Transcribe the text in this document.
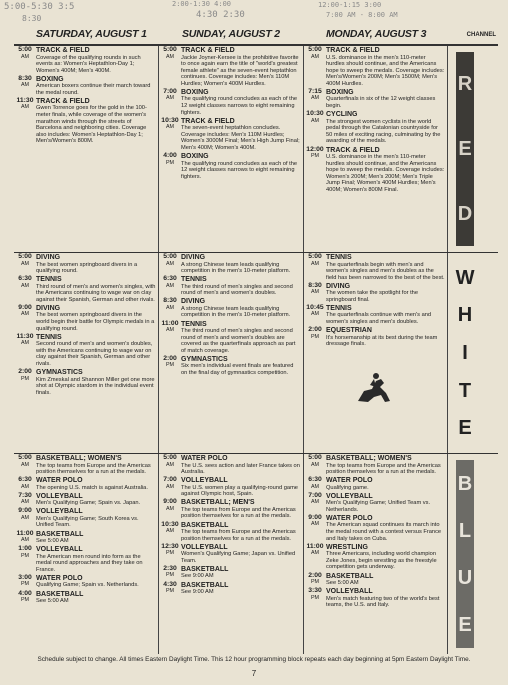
5:00-5:30 3:5
8:30
2:00-1:30 4:00
4:30 2:30
12:00-1:15 3:00
7:00 AM - 8:00 AM
SATURDAY, AUGUST 1	SUNDAY, AUGUST 2	MONDAY, AUGUST 3	CHANNEL
5:00
AM
TRACK & FIELD
Coverage of the qualifying rounds in such events as: Women's Heptathlon-Day 1; Women's 400M; Men's 400M.
8:30
AM
BOXING
American boxers continue their march toward the medal round.
11:30
AM
TRACK & FIELD
Gwen Torrence goes for the gold in the 100-meter finals, while coverage of the women's marathon winds through the streets of Barcelona and neighboring cities. Coverage also includes: Women's Heptathlon-Day 1; Men's/Women's 800M.
5:00
AM
TRACK & FIELD
Jackie Joyner-Kersee is the prohibitive favorite to once again earn the title of "world's greatest female athlete" as the seven-event heptathlon continues. Coverage includes: Men's 110M Hurdles; Women's 400M Hurdles.
7:00
AM
BOXING
The qualifying round concludes as each of the 12 weight classes narrows to eight remaining fighters.
10:30
AM
TRACK & FIELD
The seven-event heptathlon concludes. Coverage includes: Men's 110M Hurdles; Women's 3000M Final; Men's High Jump Final; Men's 400M; Women's 400M.
4:00
PM
BOXING
The qualifying round concludes as each of the 12 weight classes narrows to eight remaining fighters.
5:00
AM
TRACK & FIELD
U.S. dominance in the men's 110-meter hurdles should continue, and the Americans hope to sweep the medals. Coverage includes: Men's/Women's 200M; Men's 1500M; Men's 400M Hurdles.
7:15
AM
BOXING
Quarterfinals in six of the 12 weight classes begin.
10:30
AM
CYCLING
The strongest women cyclists in the world pedal through the Catalonian countryside for 50 miles of exciting racing, culminating by the awarding of the medals.
12:00
PM
TRACK & FIELD
U.S. dominance in the men's 110-meter hurdles should continue, and the Americans hope to sweep the medals. Coverage includes: Women's 200M; Men's 200M; Men's Triple Jump Final; Women's 400M Hurdles; Men's 400M; Women's 800M Final.
R
E
D
5:00
AM
DIVING
The best women springboard divers in a qualifying round.
6:30
AM
TENNIS
Third round of men's and women's singles, with the Americans continuing to wage war on clay against their Spanish, German and other rivals.
9:00
AM
DIVING
The best women springboard divers in the world begin their battle for Olympic medals in a qualifying round.
11:30
AM
TENNIS
Second round of men's and women's doubles, with the Americans continuing to wage war on clay against their Spanish, German and other rivals.
2:00
PM
GYMNASTICS
Kim Zmeskal and Shannon Miller get one more shot at Olympic stardom in the individual event finals.
5:00
AM
DIVING
A strong Chinese team leads qualifying competition in the men's 10-meter platform.
6:30
AM
TENNIS
The third round of men's singles and second round of men's and women's doubles.
8:30
AM
DIVING
A strong Chinese team leads qualifying competition in the men's 10-meter platform.
11:00
AM
TENNIS
The third round of men's singles and second round of men's and women's doubles are covered as the quarterfinals approach as part of match coverage.
2:00
PM
GYMNASTICS
Six men's individual event finals are featured on the final day of gymnastics competition.
5:00
AM
TENNIS
The quarterfinals begin with men's and women's singles and men's doubles as the field has been narrowed to the best of the best.
8:30
AM
DIVING
The women take the spotlight for the springboard final.
10:45
AM
TENNIS
The quarterfinals continue with men's and women's singles and men's doubles.
2:00
PM
EQUESTRIAN
It's horsemanship at its best during the team dressage finals.
W
H
I
T
E
5:00
AM
BASKETBALL; WOMEN'S
The top teams from Europe and the Americas position themselves for a run at the medals.
6:30
AM
WATER POLO
The opening U.S. match is against Australia.
7:30
AM
VOLLEYBALL
Men's Qualifying Game; Spain vs. Japan.
9:00
AM
VOLLEYBALL
Men's Qualifying Game; South Korea vs. Unified Team.
11:00
AM
BASKETBALL
See 5:00 AM
1:00
PM
VOLLEYBALL
The American men round into form as the medal round approaches and they take on France.
3:00
PM
WATER POLO
Qualifying Game; Spain vs. Netherlands.
4:00
PM
BASKETBALL
See 5:00 AM
5:00
AM
WATER POLO
The U.S. sees action and later France takes on Australia.
7:00
AM
VOLLEYBALL
The U.S. women play a qualifying-round game against Olympic host, Spain.
9:00
AM
BASKETBALL; MEN'S
The top teams from Europe and the Americas position themselves for a run at the medals.
10:30
AM
BASKETBALL
The top teams from Europe and the Americas position themselves for a run at the medals.
12:30
PM
VOLLEYBALL
Women's Qualifying Game; Japan vs. Unified Team.
2:30
PM
BASKETBALL
See 9:00 AM
4:30
PM
BASKETBALL
See 9:00 AM
5:00
AM
BASKETBALL; WOMEN'S
The top teams from Europe and the Americas position themselves for a run at the medals.
6:30
AM
WATER POLO
Qualifying game.
7:00
AM
VOLLEYBALL
Men's Qualifying Game; Unified Team vs. Netherlands.
9:00
AM
WATER POLO
The American squad continues its march into the medal round with a contest versus France and Italy takes on Cuba.
11:00
AM
WRESTLING
Three Americans, including world champion Zeke Jones, begin wrestling as the freestyle competition gets underway.
2:00
PM
BASKETBALL
See 5:00 AM
3:30
PM
VOLLEYBALL
Men's match featuring two of the world's best teams, the U.S. and Italy.
B
L
U
E
Schedule subject to change. All times Eastern Daylight Time. This 12 hour programming block repeats each day beginning at 5pm Eastern Daylight Time.
7
